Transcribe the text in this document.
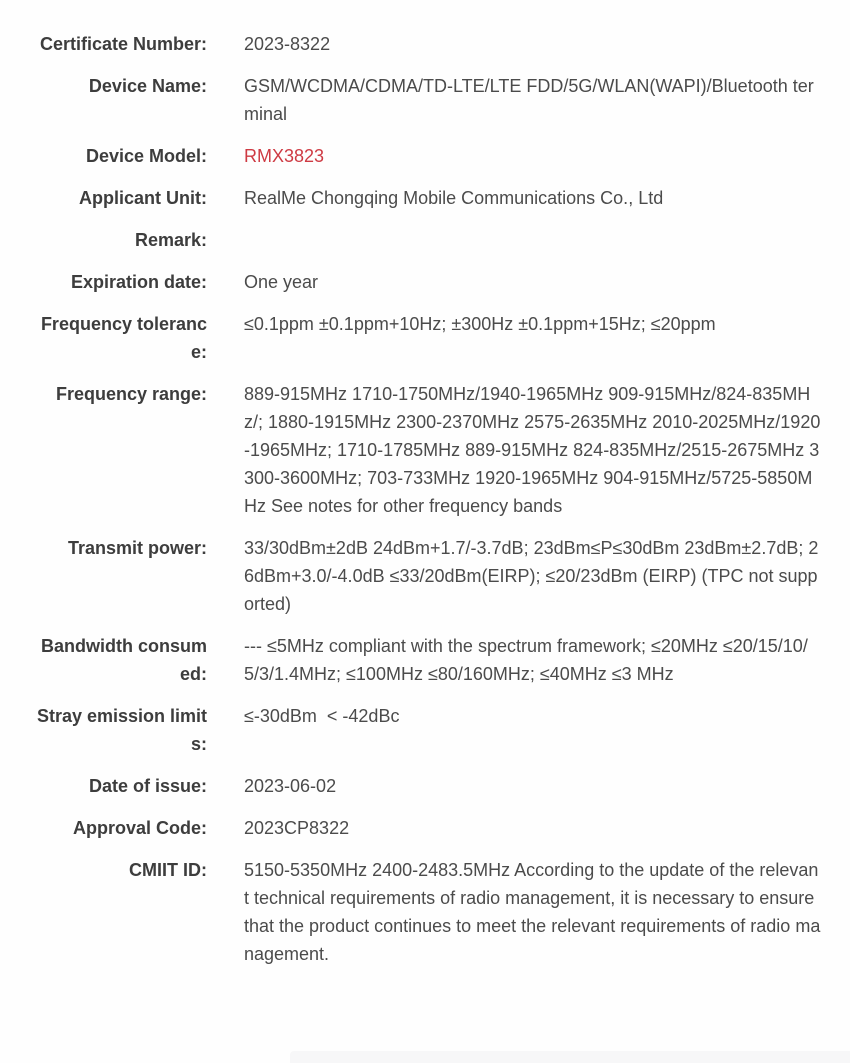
Certificate Number: 2023-8322
Device Name: GSM/WCDMA/CDMA/TD-LTE/LTE FDD/5G/WLAN(WAPI)/Bluetooth terminal
Device Model: RMX3823
Applicant Unit: RealMe Chongqing Mobile Communications Co., Ltd
Remark:
Expiration date: One year
Frequency tolerance:
≤0.1ppm ±0.1ppm+10Hz; ±300Hz ±0.1ppm+15Hz; ≤20ppm
Frequency range: 889-915MHz 1710-1750MHz/1940-1965MHz 909-915MHz/824-835MHz/; 1880-1915MHz 2300-2370MHz 2575-2635MHz 2010-2025MHz/1920-1965MHz; 1710-1785MHz 889-915MHz 824-835MHz/2515-2675MHz 3300-3600MHz; 703-733MHz 1920-1965MHz 904-915MHz/5725-5850MHz See notes for other frequency bands
Transmit power: 33/30dBm±2dB 24dBm+1.7/-3.7dB; 23dBm≤P≤30dBm 23dBm±2.7dB; 26dBm+3.0/-4.0dB ≤33/20dBm(EIRP); ≤20/23dBm (EIRP) (TPC not supported)
Bandwidth consumed:
--- ≤5MHz compliant with the spectrum framework; ≤20MHz ≤20/15/10/5/3/1.4MHz; ≤100MHz ≤80/160MHz; ≤40MHz ≤3 MHz
Stray emission limits:
≤-30dBm  < -42dBc
Date of issue: 2023-06-02
Approval Code: 2023CP8322
CMIIT ID: 5150-5350MHz 2400-2483.5MHz According to the update of the relevant technical requirements of radio management, it is necessary to ensure that the product continues to meet the relevant requirements of radio management.
